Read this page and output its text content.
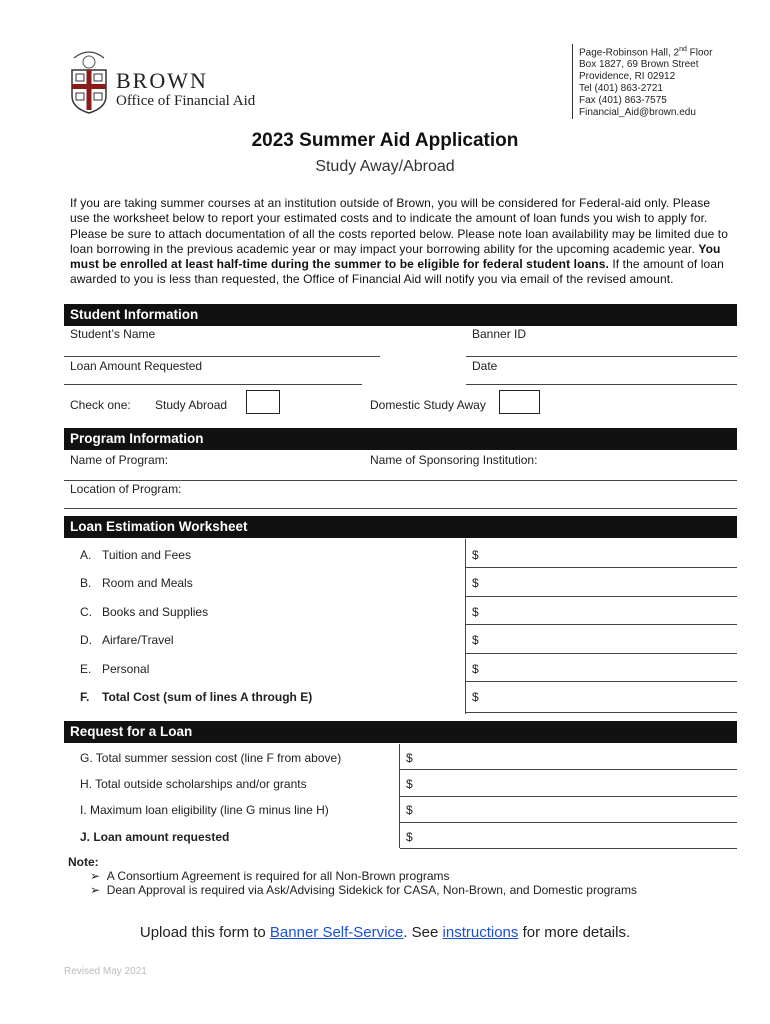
BROWN
Office of Financial Aid
Page-Robinson Hall, 2nd Floor
Box 1827, 69 Brown Street
Providence, RI 02912
Tel (401) 863-2721
Fax (401) 863-7575
Financial_Aid@brown.edu
2023 Summer Aid Application
Study Away/Abroad
If you are taking summer courses at an institution outside of Brown, you will be considered for Federal-aid only. Please use the worksheet below to report your estimated costs and to indicate the amount of loan funds you wish to apply for. Please be sure to attach documentation of all the costs reported below. Please note loan availability may be limited due to loan borrowing in the previous academic year or may impact your borrowing ability for the upcoming academic year. You must be enrolled at least half-time during the summer to be eligible for federal student loans. If the amount of loan awarded to you is less than requested, the Office of Financial Aid will notify you via email of the revised amount.
Student Information
Student’s Name	Banner ID
Loan Amount Requested	Date
Check one: Study Abroad	Domestic Study Away
Program Information
Name of Program:	Name of Sponsoring Institution:
Location of Program:
Loan Estimation Worksheet
A. Tuition and Fees	$
B. Room and Meals	$
C. Books and Supplies	$
D. Airfare/Travel	$
E. Personal	$
F. Total Cost (sum of lines A through E)	$
Request for a Loan
G. Total summer session cost (line F from above)	$
H. Total outside scholarships and/or grants	$
I. Maximum loan eligibility (line G minus line H)	$
J. Loan amount requested	$
Note:
➢ A Consortium Agreement is required for all Non-Brown programs
➢ Dean Approval is required via Ask/Advising Sidekick for CASA, Non-Brown, and Domestic programs
Upload this form to Banner Self-Service. See instructions for more details.
Revised May 2021
